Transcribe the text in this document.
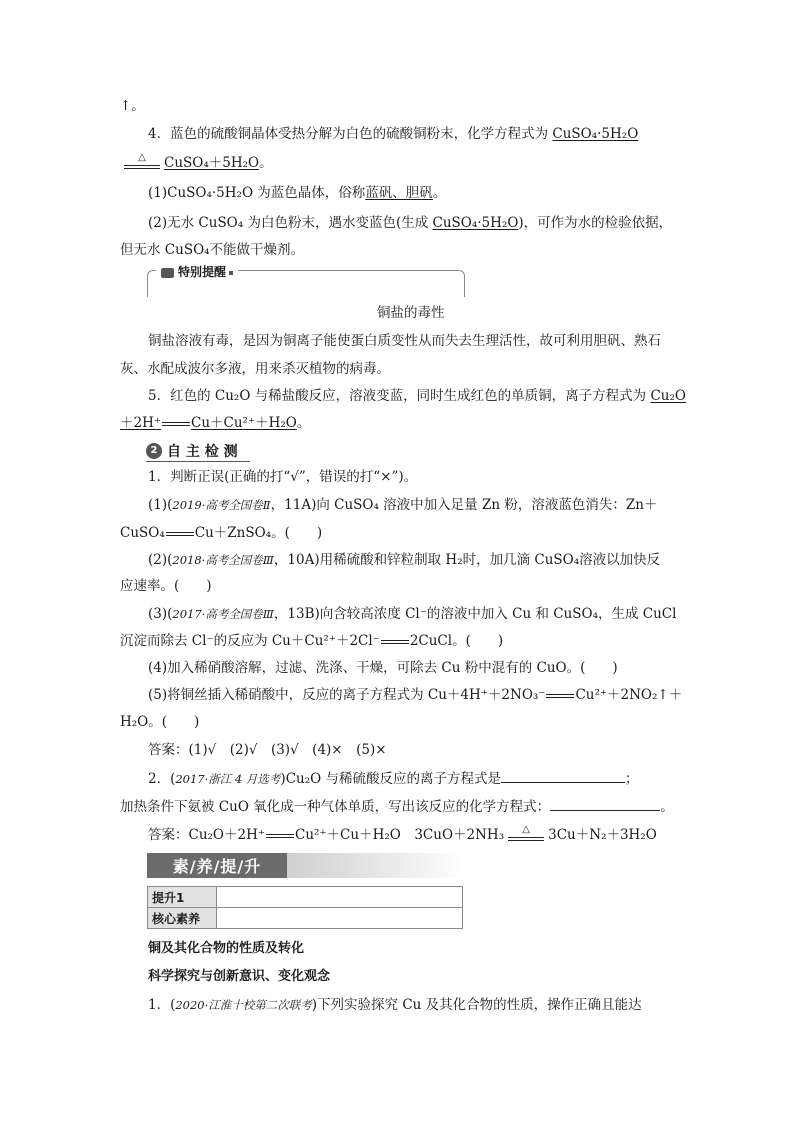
↑。
4．蓝色的硫酸铜晶体受热分解为白色的硫酸铜粉末，化学方程式为 CuSO₄·5H₂O
△	CuSO₄＋5H₂O。
(1)CuSO₄·5H₂O 为蓝色晶体，俗称蓝矾、胆矾。
(2)无水 CuSO₄ 为白色粉末，遇水变蓝色(生成 CuSO₄·5H₂O)，可作为水的检验依据，
但无水 CuSO₄不能做干燥剂。
特别提醒
铜盐的毒性
铜盐溶液有毒，是因为铜离子能使蛋白质变性从而失去生理活性，故可利用胆矾、熟石
灰、水配成波尔多液，用来杀灭植物的病毒。
5．红色的 Cu₂O 与稀盐酸反应，溶液变蓝，同时生成红色的单质铜，离子方程式为 Cu₂O
＋2H⁺ Cu＋Cu²⁺＋H₂O。
2 自 主 检 测
1．判断正误(正确的打“√”，错误的打“×”)。
(1)(2019·高考全国卷Ⅱ，11A)向 CuSO₄ 溶液中加入足量 Zn 粉，溶液蓝色消失：Zn＋
CuSO₄ Cu＋ZnSO₄。(　　)
(2)(2018·高考全国卷Ⅲ，10A)用稀硫酸和锌粒制取 H₂时，加几滴 CuSO₄溶液以加快反
应速率。(　　)
(3)(2017·高考全国卷Ⅲ，13B)向含较高浓度 Cl⁻的溶液中加入 Cu 和 CuSO₄，生成 CuCl
沉淀而除去 Cl⁻的反应为 Cu＋Cu²⁺＋2Cl⁻ 2CuCl。(　　)
(4)加入稀硝酸溶解，过滤、洗涤、干燥，可除去 Cu 粉中混有的 CuO。(　　)
(5)将铜丝插入稀硝酸中，反应的离子方程式为 Cu＋4H⁺＋2NO₃⁻ Cu²⁺＋2NO₂↑＋
H₂O。(　　)
答案：(1)√　(2)√　(3)√　(4)×　(5)×
2．(2017·浙江 4 月选考)Cu₂O 与稀硫酸反应的离子方程式是	；
加热条件下氨被 CuO 氧化成一种气体单质，写出该反应的化学方程式：	。
答案：Cu₂O＋2H⁺ Cu²⁺＋Cu＋H₂O　3CuO＋2NH₃	△	3Cu＋N₂＋3H₂O
素/养/提/升
提升1	
核心素养	
铜及其化合物的性质及转化
科学探究与创新意识、变化观念
1．(2020·江淮十校第二次联考)下列实验探究 Cu 及其化合物的性质，操作正确且能达
